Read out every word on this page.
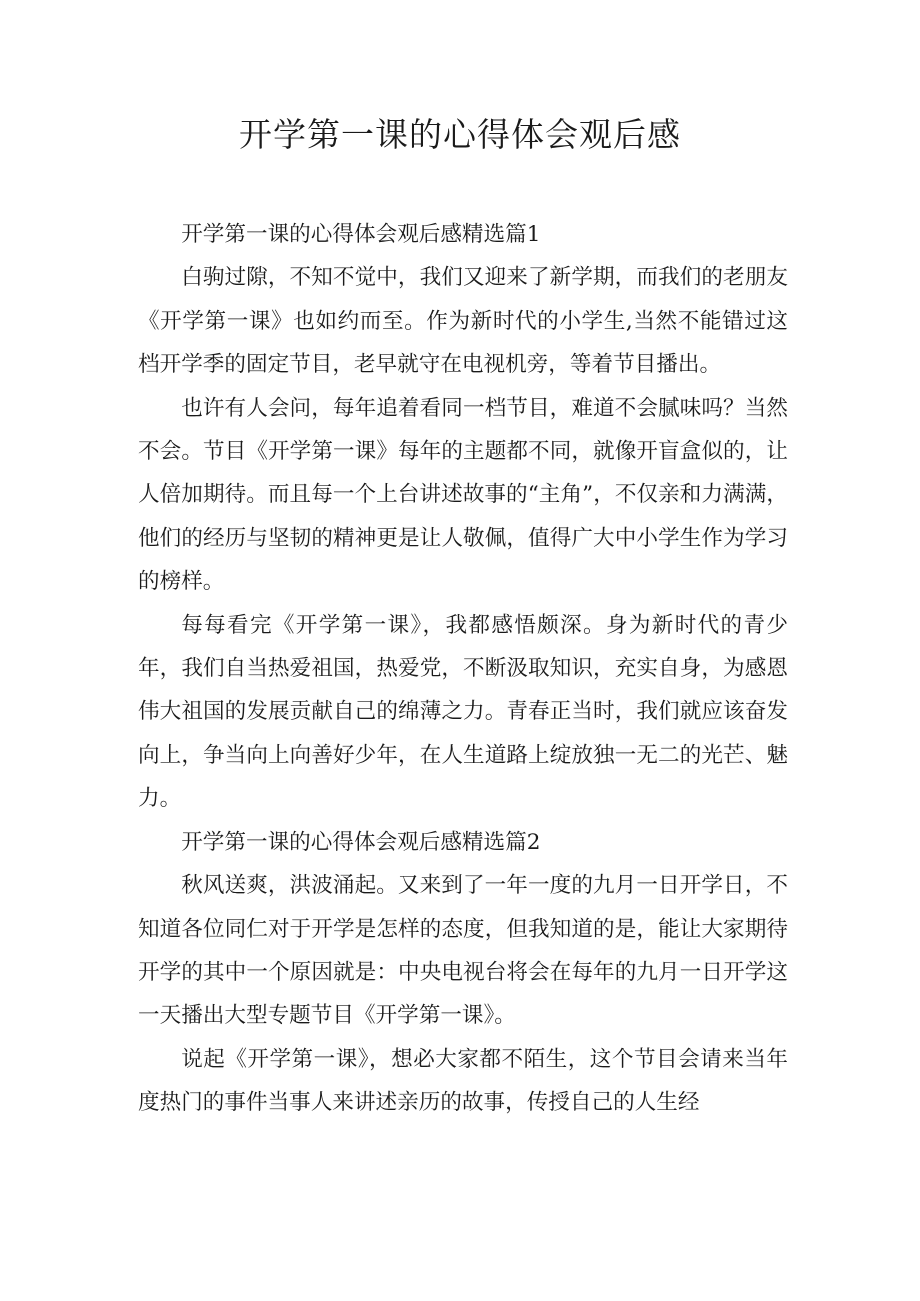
开学第一课的心得体会观后感

开学第一课的心得体会观后感精选篇1

白驹过隙，不知不觉中，我们又迎来了新学期，而我们的老朋友《开学第一课》也如约而至。作为新时代的小学生,当然不能错过这档开学季的固定节目，老早就守在电视机旁，等着节目播出。

也许有人会问，每年追着看同一档节目，难道不会腻味吗？当然不会。节目《开学第一课》每年的主题都不同，就像开盲盒似的，让人倍加期待。而且每一个上台讲述故事的“主角”，不仅亲和力满满，他们的经历与坚韧的精神更是让人敬佩，值得广大中小学生作为学习的榜样。

每每看完《开学第一课》，我都感悟颇深。身为新时代的青少年，我们自当热爱祖国，热爱党，不断汲取知识，充实自身，为感恩伟大祖国的发展贡献自己的绵薄之力。青春正当时，我们就应该奋发向上，争当向上向善好少年，在人生道路上绽放独一无二的光芒、魅力。

开学第一课的心得体会观后感精选篇2

秋风送爽，洪波涌起。又来到了一年一度的九月一日开学日，不知道各位同仁对于开学是怎样的态度，但我知道的是，能让大家期待开学的其中一个原因就是：中央电视台将会在每年的九月一日开学这一天播出大型专题节目《开学第一课》。

说起《开学第一课》，想必大家都不陌生，这个节目会请来当年度热门的事件当事人来讲述亲历的故事，传授自己的人生经
